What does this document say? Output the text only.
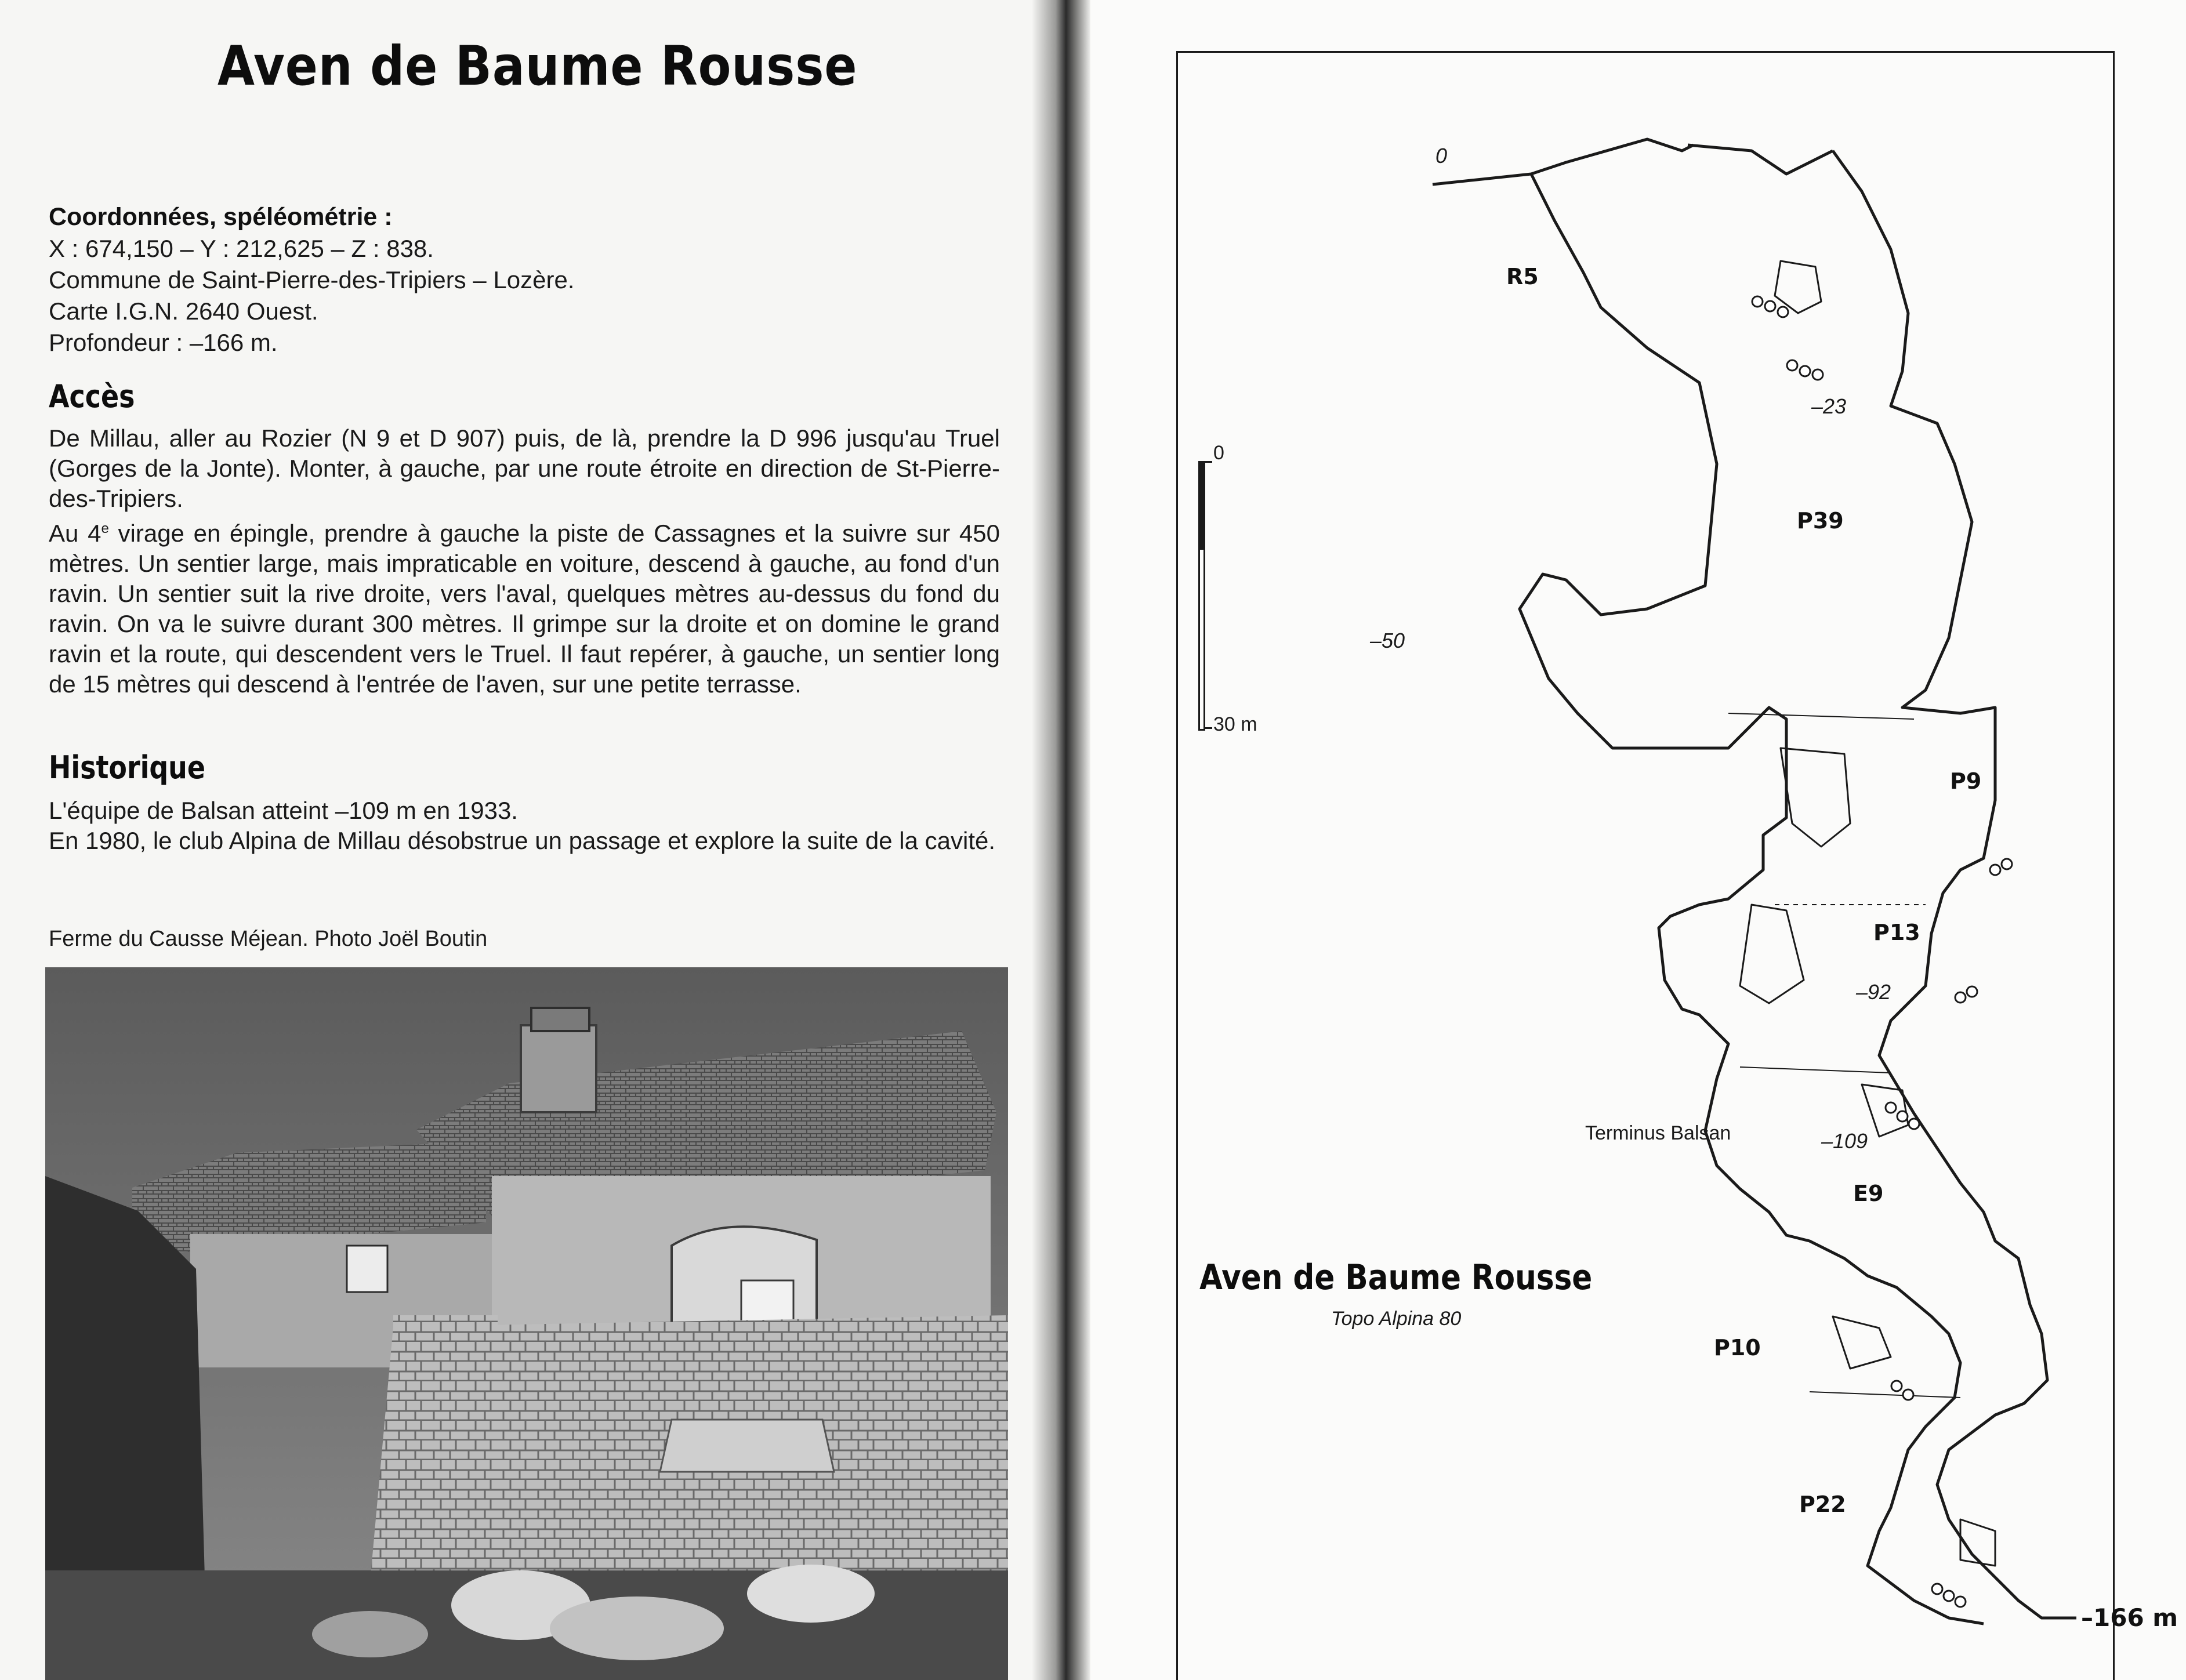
Aven de Baume Rousse
Coordonnées, spéléométrie :
X : 674,150 – Y : 212,625 – Z : 838.
Commune de Saint-Pierre-des-Tripiers – Lozère.
Carte I.G.N. 2640 Ouest.
Profondeur : –166 m.
Accès

De Millau, aller au Rozier (N 9 et D 907) puis, de là, prendre la D 996 jusqu'au Truel (Gorges de la Jonte). Monter, à gauche, par une route étroite en direction de St-Pierre-des-Tripiers.

Au 4e virage en épingle, prendre à gauche la piste de Cassagnes et la suivre sur 450 mètres. Un sentier large, mais impraticable en voiture, descend à gauche, au fond d'un ravin. Un sentier suit la rive droite, vers l'aval, quelques mètres au-dessus du fond du ravin. On va le suivre durant 300 mètres. Il grimpe sur la droite et on domine le grand ravin et la route, qui descendent vers le Truel. Il faut repérer, à gauche, un sentier long de 15 mètres qui descend à l'entrée de l'aven, sur une petite terrasse.

Historique

L'équipe de Balsan atteint –109 m en 1933.

En 1980, le club Alpina de Millau désobstrue un passage et explore la suite de la cavité.

Ferme du Causse Méjean. Photo Joël Boutin
0
0
30 m
R5
–23
P39
–50
P9
P13
–92
Terminus Balsan	–109
E9
P10
P22
–166 m
Aven de Baume Rousse
Topo Alpina 80
